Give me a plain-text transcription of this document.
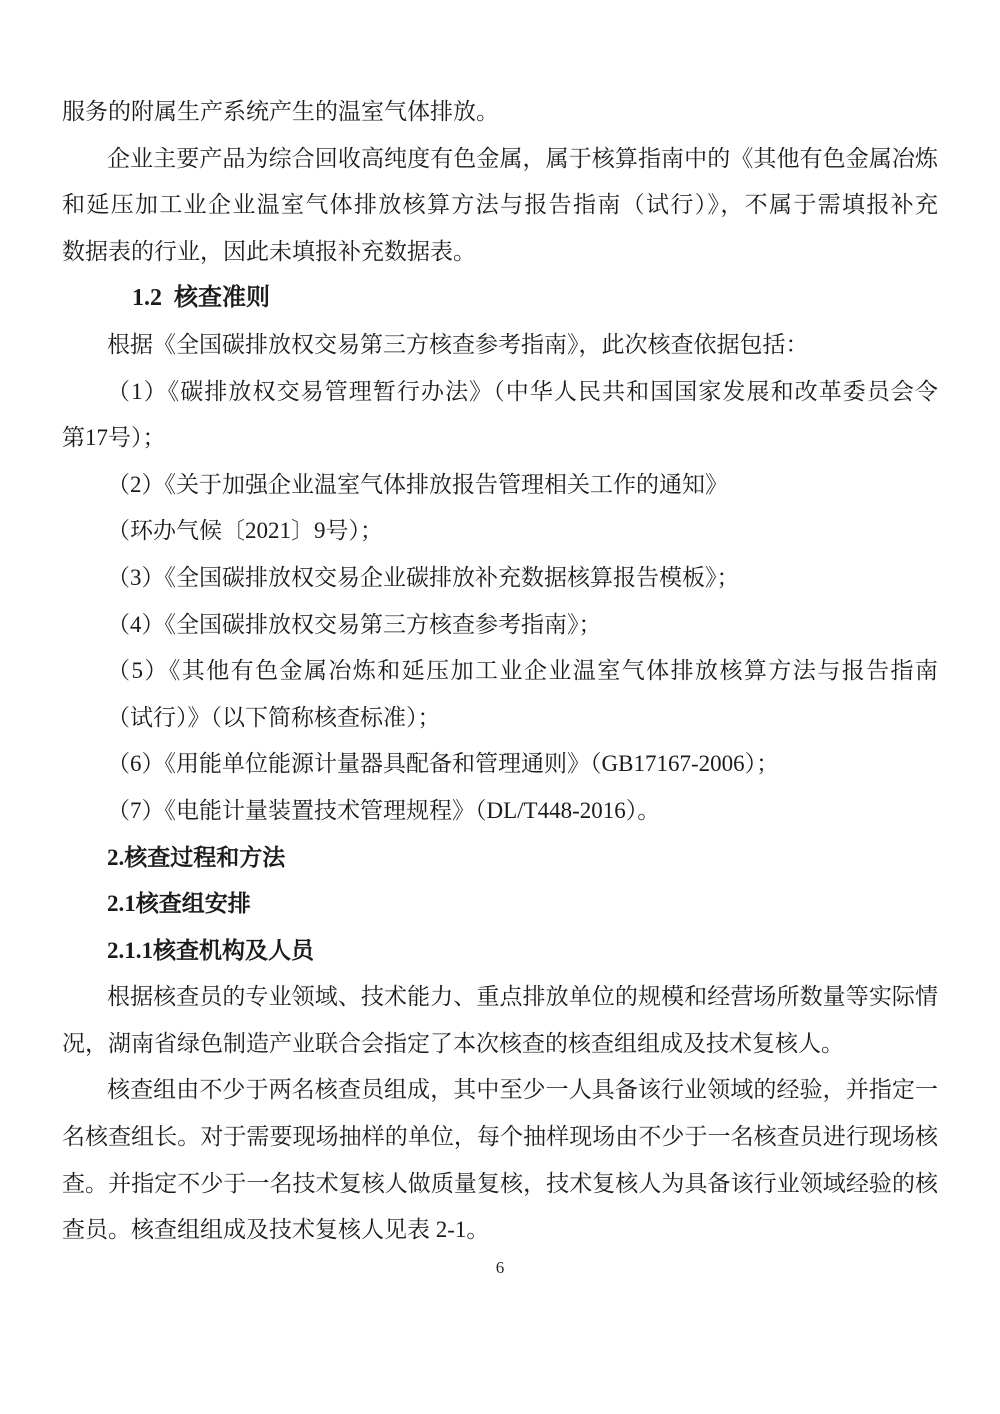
服务的附属生产系统产生的温室气体排放。
企业主要产品为综合回收高纯度有色金属，属于核算指南中的《其他有色金属冶炼
和延压加工业企业温室气体排放核算方法与报告指南（试行）》，不属于需填报补充
数据表的行业，因此未填报补充数据表。
1.2  核查准则
根据《全国碳排放权交易第三方核查参考指南》，此次核查依据包括：
（1）《碳排放权交易管理暂行办法》（中华人民共和国国家发展和改革委员会令
第17号）；
（2）《关于加强企业温室气体排放报告管理相关工作的通知》
（环办气候〔2021〕9号）；
（3）《全国碳排放权交易企业碳排放补充数据核算报告模板》；
（4）《全国碳排放权交易第三方核查参考指南》；
（5）《其他有色金属冶炼和延压加工业企业温室气体排放核算方法与报告指南
（试行）》（以下简称核查标准）；
（6）《用能单位能源计量器具配备和管理通则》（GB17167-2006）；
（7）《电能计量装置技术管理规程》（DL/T448-2016）。
2.核查过程和方法
2.1核查组安排
2.1.1核查机构及人员
根据核查员的专业领域、技术能力、重点排放单位的规模和经营场所数量等实际情
况，湖南省绿色制造产业联合会指定了本次核查的核查组组成及技术复核人。
核查组由不少于两名核查员组成，其中至少一人具备该行业领域的经验，并指定一
名核查组长。对于需要现场抽样的单位，每个抽样现场由不少于一名核查员进行现场核
查。并指定不少于一名技术复核人做质量复核，技术复核人为具备该行业领域经验的核
查员。核查组组成及技术复核人见表 2-1。
6
